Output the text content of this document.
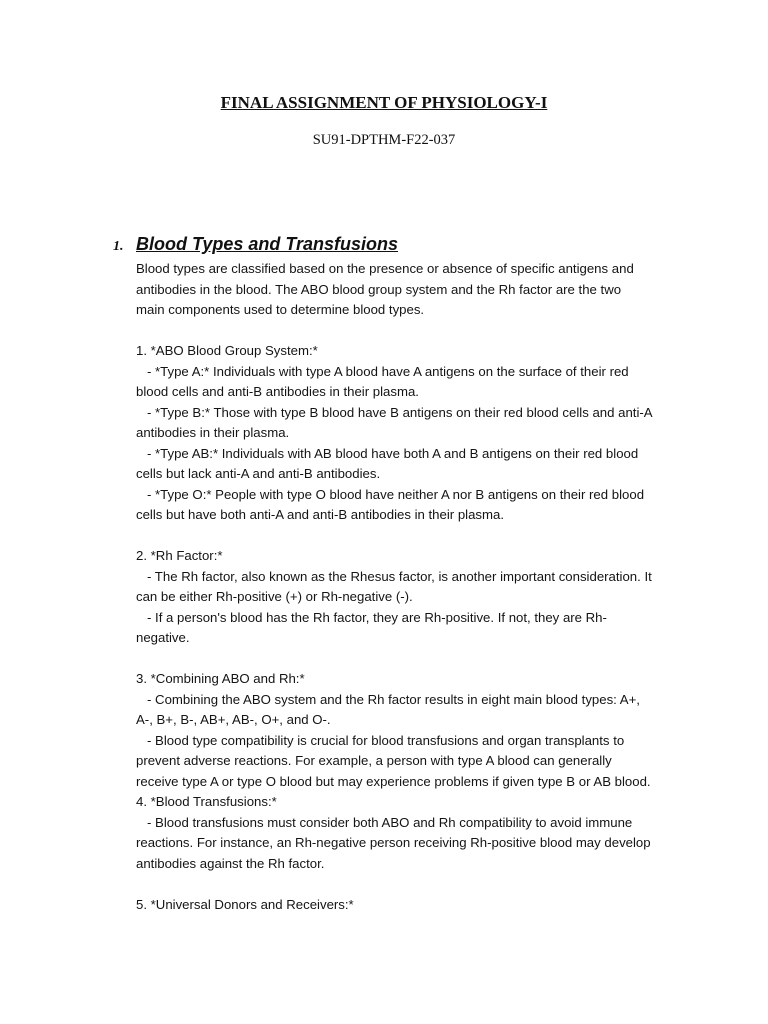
FINAL ASSIGNMENT OF PHYSIOLOGY-I
SU91-DPTHM-F22-037
1. Blood Types and Transfusions
Blood types are classified based on the presence or absence of specific antigens and
antibodies in the blood. The ABO blood group system and the Rh factor are the two
main components used to determine blood types.
1. *ABO Blood Group System:*
- *Type A:* Individuals with type A blood have A antigens on the surface of their red
blood cells and anti-B antibodies in their plasma.
- *Type B:* Those with type B blood have B antigens on their red blood cells and anti-A
antibodies in their plasma.
- *Type AB:* Individuals with AB blood have both A and B antigens on their red blood
cells but lack anti-A and anti-B antibodies.
- *Type O:* People with type O blood have neither A nor B antigens on their red blood
cells but have both anti-A and anti-B antibodies in their plasma.
2. *Rh Factor:*
- The Rh factor, also known as the Rhesus factor, is another important consideration. It
can be either Rh-positive (+) or Rh-negative (-).
- If a person's blood has the Rh factor, they are Rh-positive. If not, they are Rh-
negative.
3. *Combining ABO and Rh:*
- Combining the ABO system and the Rh factor results in eight main blood types: A+,
A-, B+, B-, AB+, AB-, O+, and O-.
- Blood type compatibility is crucial for blood transfusions and organ transplants to
prevent adverse reactions. For example, a person with type A blood can generally
receive type A or type O blood but may experience problems if given type B or AB blood.
4. *Blood Transfusions:*
- Blood transfusions must consider both ABO and Rh compatibility to avoid immune
reactions. For instance, an Rh-negative person receiving Rh-positive blood may develop
antibodies against the Rh factor.
5. *Universal Donors and Receivers:*
